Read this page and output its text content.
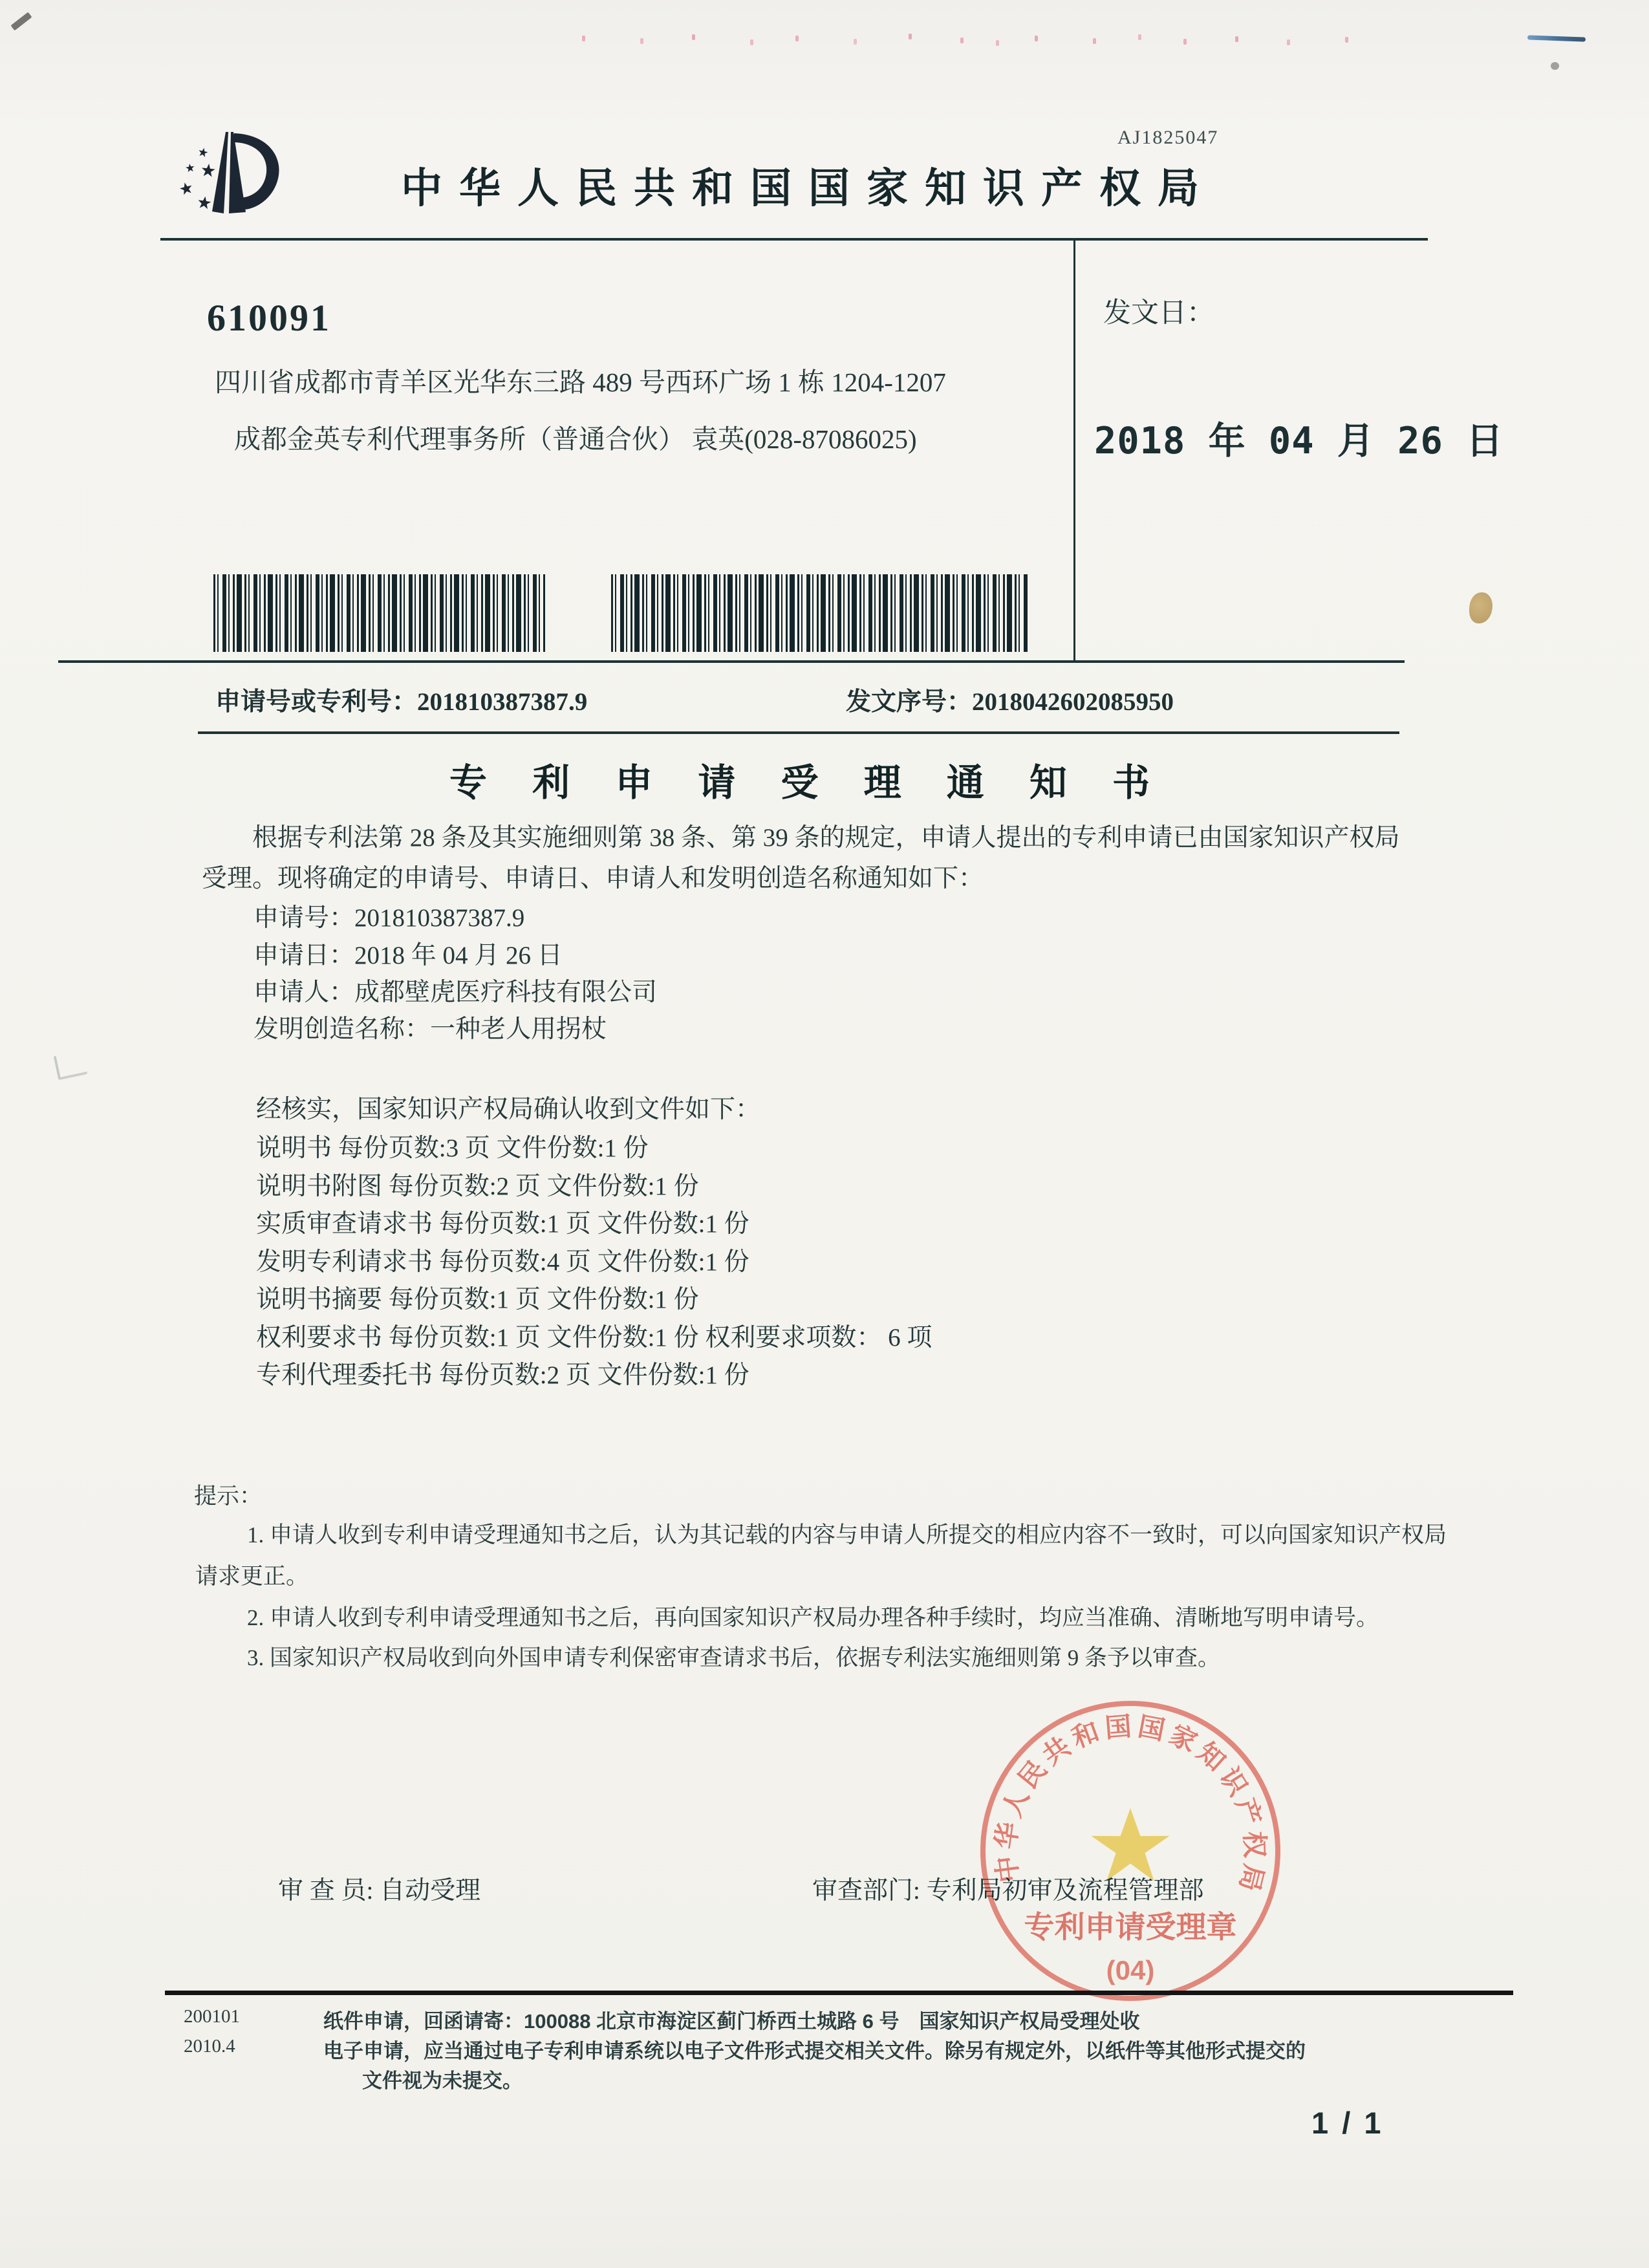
AJ1825047
中华人民共和国国家知识产权局
610091
四川省成都市青羊区光华东三路 489 号西环广场 1 栋 1204-1207
成都金英专利代理事务所（普通合伙） 袁英(028-87086025)
发文日：
2018 年 04 月 26 日
申请号或专利号：201810387387.9	发文序号：2018042602085950
专 利 申 请 受 理 通 知 书
根据专利法第 28 条及其实施细则第 38 条、第 39 条的规定，申请人提出的专利申请已由国家知识产权局
受理。现将确定的申请号、申请日、申请人和发明创造名称通知如下：
申请号：201810387387.9
申请日：2018 年 04 月 26 日
申请人：成都壁虎医疗科技有限公司
发明创造名称：一种老人用拐杖
经核实，国家知识产权局确认收到文件如下：
说明书 每份页数:3 页 文件份数:1 份
说明书附图 每份页数:2 页 文件份数:1 份
实质审查请求书 每份页数:1 页 文件份数:1 份
发明专利请求书 每份页数:4 页 文件份数:1 份
说明书摘要 每份页数:1 页 文件份数:1 份
权利要求书 每份页数:1 页 文件份数:1 份 权利要求项数： 6 项
专利代理委托书 每份页数:2 页 文件份数:1 份
提示：
1. 申请人收到专利申请受理通知书之后，认为其记载的内容与申请人所提交的相应内容不一致时，可以向国家知识产权局
请求更正。
2. 申请人收到专利申请受理通知书之后，再向国家知识产权局办理各种手续时，均应当准确、清晰地写明申请号。
3. 国家知识产权局收到向外国申请专利保密审查请求书后，依据专利法实施细则第 9 条予以审查。
审 查 员: 自动受理	审查部门: 专利局初审及流程管理部
中华人民共和国国家知识产权局
专利申请受理章
(04)
200101
2010.4
纸件申请，回函请寄：100088 北京市海淀区蓟门桥西土城路 6 号　国家知识产权局受理处收
电子申请，应当通过电子专利申请系统以电子文件形式提交相关文件。除另有规定外，以纸件等其他形式提交的
文件视为未提交。
1 / 1
